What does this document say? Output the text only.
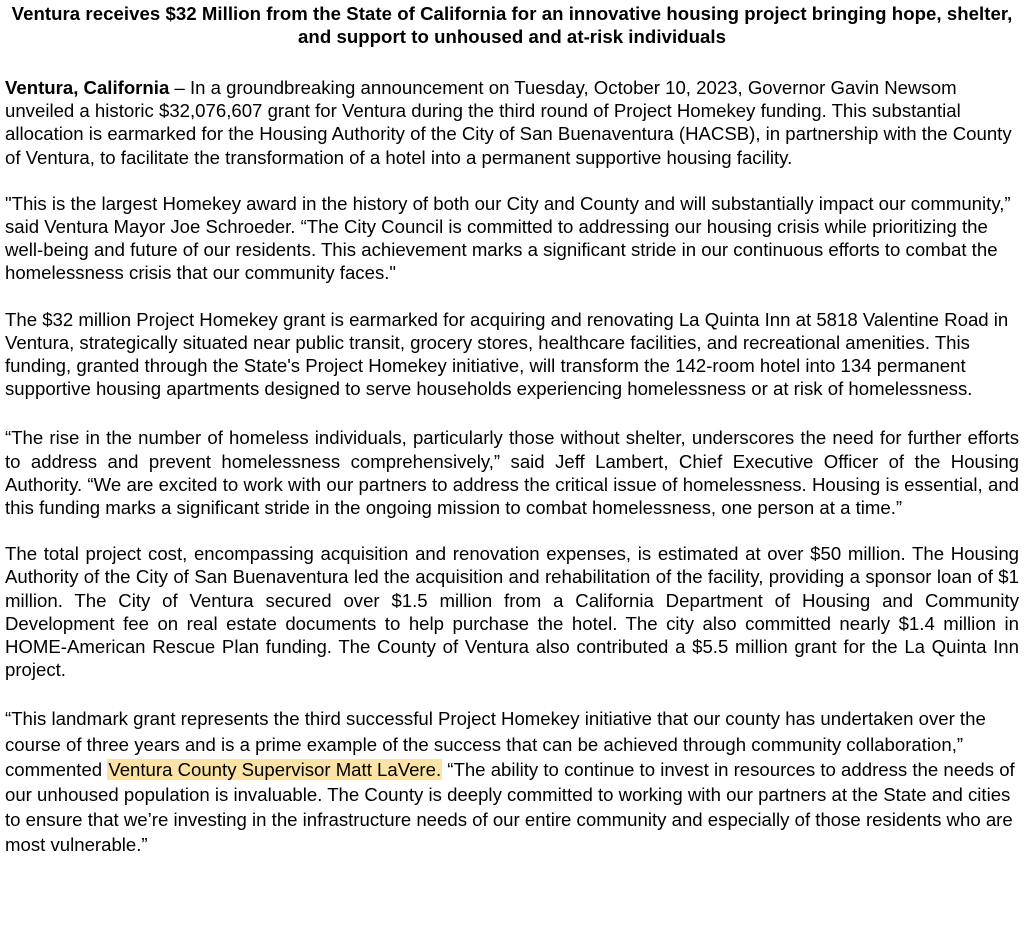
Ventura receives $32 Million from the State of California for an innovative housing project bringing hope, shelter, and support to unhoused and at-risk individuals

Ventura, California – In a groundbreaking announcement on Tuesday, October 10, 2023, Governor Gavin Newsom unveiled a historic $32,076,607 grant for Ventura during the third round of Project Homekey funding. This substantial allocation is earmarked for the Housing Authority of the City of San Buenaventura (HACSB), in partnership with the County of Ventura, to facilitate the transformation of a hotel into a permanent supportive housing facility.

"This is the largest Homekey award in the history of both our City and County and will substantially impact our community,” said Ventura Mayor Joe Schroeder. “The City Council is committed to addressing our housing crisis while prioritizing the well-being and future of our residents. This achievement marks a significant stride in our continuous efforts to combat the homelessness crisis that our community faces."

The $32 million Project Homekey grant is earmarked for acquiring and renovating La Quinta Inn at 5818 Valentine Road in Ventura, strategically situated near public transit, grocery stores, healthcare facilities, and recreational amenities. This funding, granted through the State's Project Homekey initiative, will transform the 142-room hotel into 134 permanent supportive housing apartments designed to serve households experiencing homelessness or at risk of homelessness.

“The rise in the number of homeless individuals, particularly those without shelter, underscores the need for further efforts to address and prevent homelessness comprehensively,” said Jeff Lambert, Chief Executive Officer of the Housing Authority. “We are excited to work with our partners to address the critical issue of homelessness. Housing is essential, and this funding marks a significant stride in the ongoing mission to combat homelessness, one person at a time.”

The total project cost, encompassing acquisition and renovation expenses, is estimated at over $50 million. The Housing Authority of the City of San Buenaventura led the acquisition and rehabilitation of the facility, providing a sponsor loan of $1 million. The City of Ventura secured over $1.5 million from a California Department of Housing and Community Development fee on real estate documents to help purchase the hotel. The city also committed nearly $1.4 million in HOME-American Rescue Plan funding. The County of Ventura also contributed a $5.5 million grant for the La Quinta Inn project.

“This landmark grant represents the third successful Project Homekey initiative that our county has undertaken over the course of three years and is a prime example of the success that can be achieved through community collaboration,” commented Ventura County Supervisor Matt LaVere. “The ability to continue to invest in resources to address the needs of our unhoused population is invaluable. The County is deeply committed to working with our partners at the State and cities to ensure that we’re investing in the infrastructure needs of our entire community and especially of those residents who are most vulnerable.”
